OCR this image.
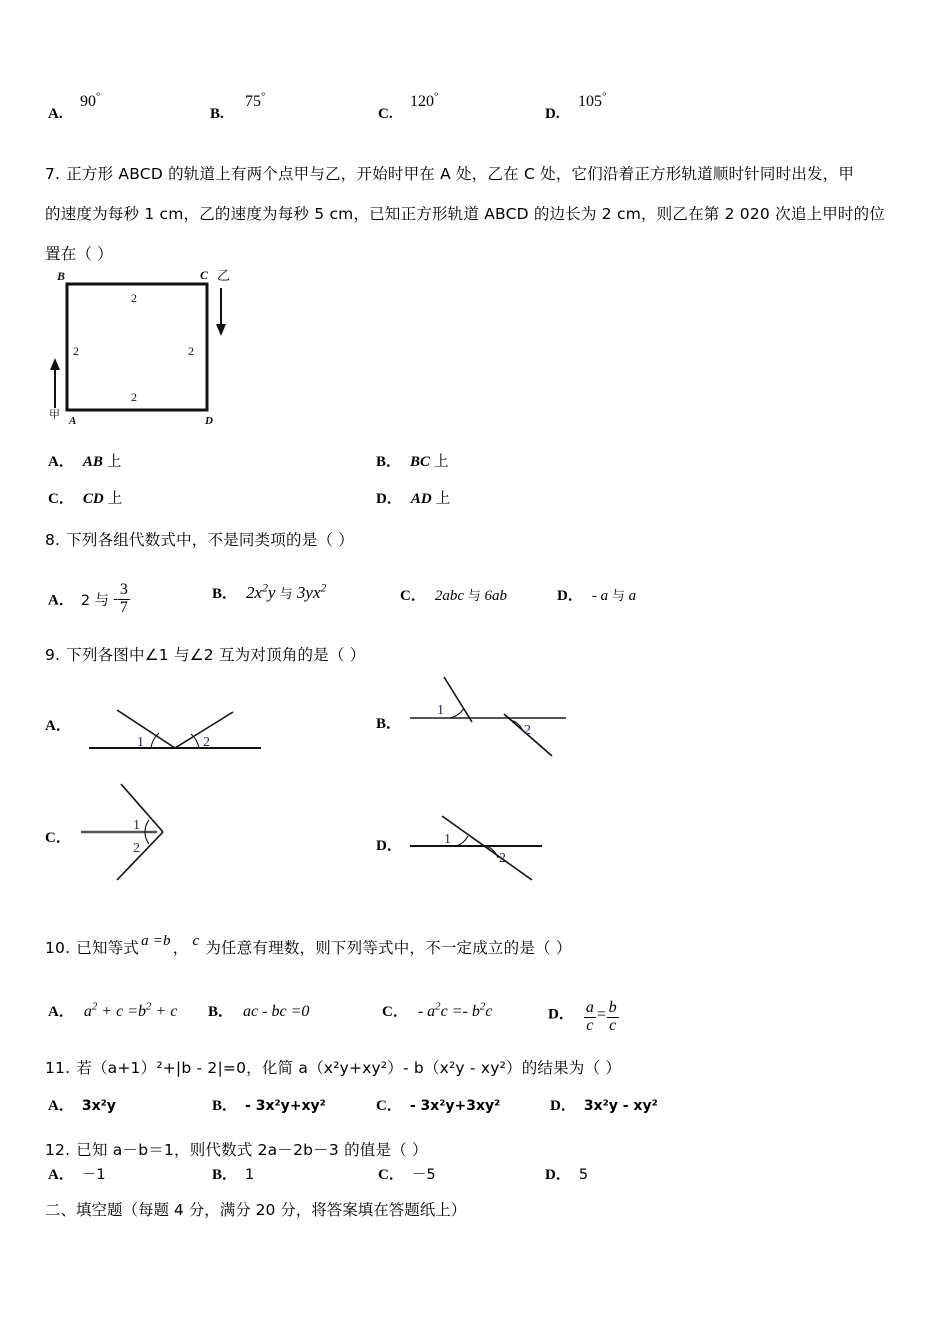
A.
90°
B.
75°
C.
120°
D.
105°
7. 正方形 ABCD 的轨道上有两个点甲与乙，开始时甲在 A 处，乙在 C 处，它们沿着正方形轨道顺时针同时出发，甲
的速度为每秒 1 cm，乙的速度为每秒 5 cm，已知正方形轨道 ABCD 的边长为 2 cm，则乙在第 2 020 次追上甲时的位
置在（ ）
B	C
A	D
2
2	2
2
乙
甲
A． AB 上	B． BC 上
C． CD 上	D． AD 上
8. 下列各组代数式中，不是同类项的是（ ）
A． 2 与 - $\frac{3}{7}$	B． $2x^2y$ 与 $3yx^2$
C． 2abc 与 6ab	D． - a 与 a
9. 下列各图中∠1 与∠2 互为对顶角的是（ ）
A．
1	2
B．
1
2
C．
1
2	D．	1
2
10. 已知等式 a =b ， c 为任意有理数，则下列等式中，不一定成立的是（ ）
A． $a^2 + c =b^2 + c$ B． ac - bc =0	C． - $a^2c =- b^2c$	D． $\frac{a}{c} = \frac{b}{c}$
11. 若（a+1）²+|b - 2|=0，化简 a（x²y+xy²）- b（x²y - xy²）的结果为（ ）
A． 3x²y	B． - 3x²y+xy²	C． - 3x²y+3xy²	D． 3x²y - xy²
12. 已知 a－b＝1，则代数式 2a－2b－3 的值是（ ）
A． －1	B． 1	C． －5	D． 5
二、填空题（每题 4 分，满分 20 分，将答案填在答题纸上）
